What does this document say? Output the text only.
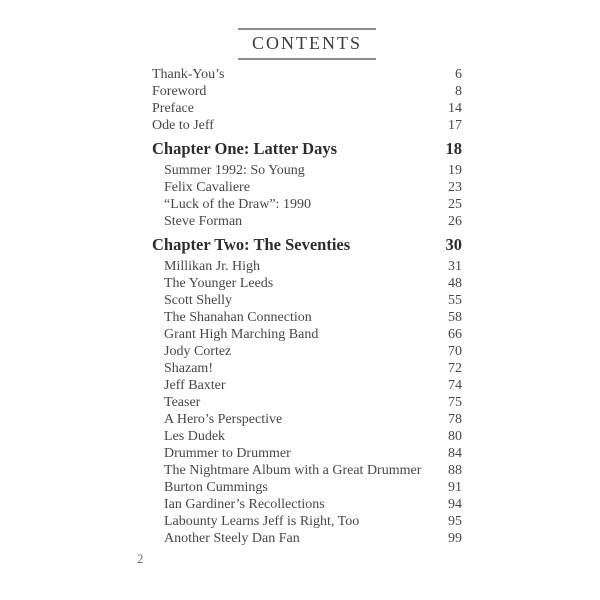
CONTENTS
Thank-You’s	6
Foreword	8
Preface	14
Ode to Jeff	17
Chapter One: Latter Days	18
Summer 1992: So Young	19
Felix Cavaliere	23
“Luck of the Draw”: 1990	25
Steve Forman	26
Chapter Two: The Seventies	30
Millikan Jr. High	31
The Younger Leeds	48
Scott Shelly	55
The Shanahan Connection	58
Grant High Marching Band	66
Jody Cortez	70
Shazam!	72
Jeff Baxter	74
Teaser	75
A Hero’s Perspective	78
Les Dudek	80
Drummer to Drummer	84
The Nightmare Album with a Great Drummer 88
Burton Cummings	91
Ian Gardiner’s Recollections	94
Labounty Learns Jeff is Right, Too	95
Another Steely Dan Fan	99
2
